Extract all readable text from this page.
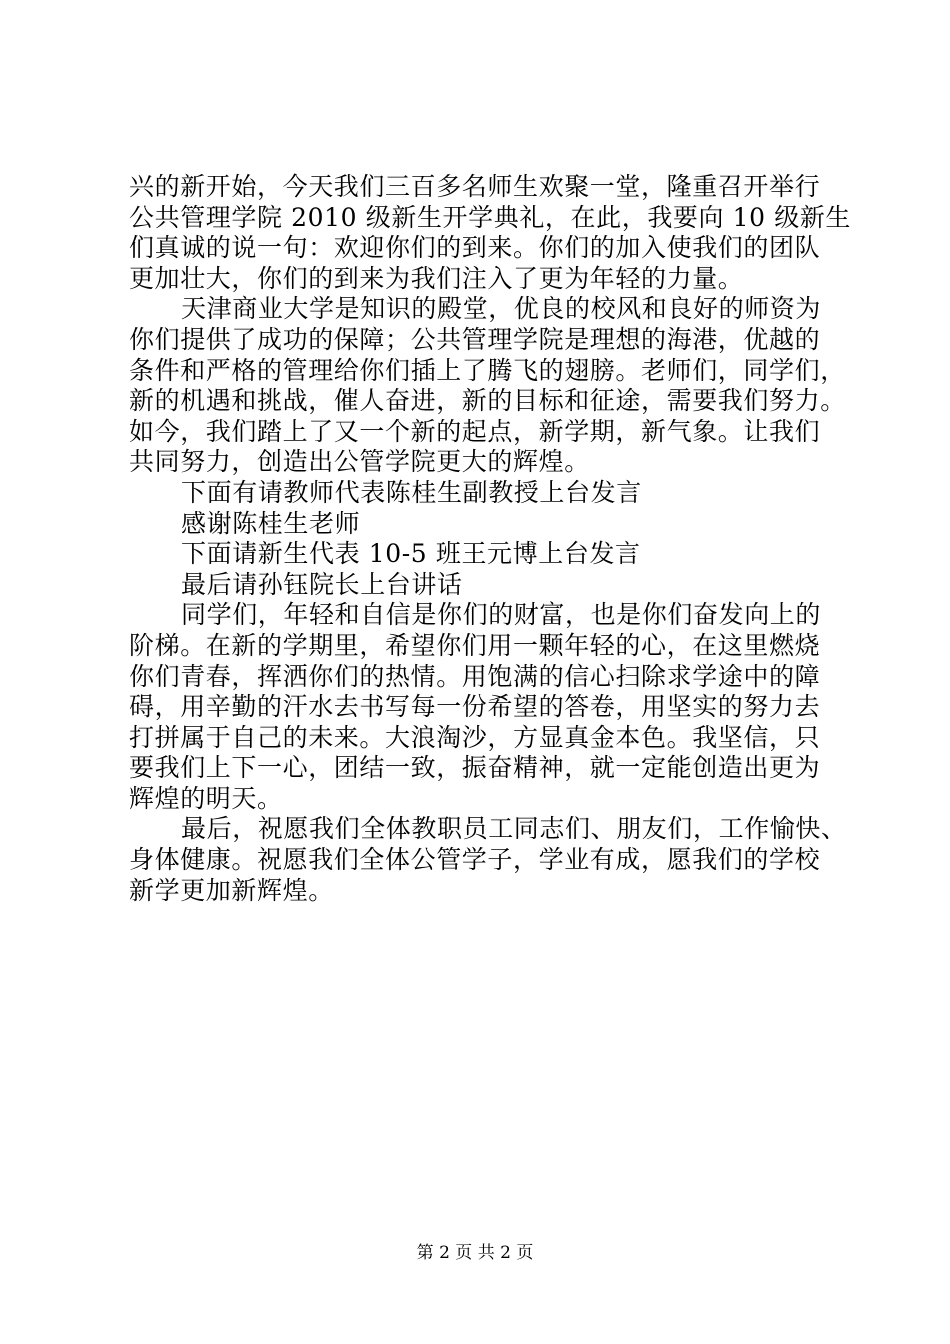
兴的新开始，今天我们三百多名师生欢聚一堂，隆重召开举行
公共管理学院 2010 级新生开学典礼，在此，我要向 10 级新生
们真诚的说一句：欢迎你们的到来。你们的加入使我们的团队
更加壮大，你们的到来为我们注入了更为年轻的力量。
天津商业大学是知识的殿堂，优良的校风和良好的师资为
你们提供了成功的保障；公共管理学院是理想的海港，优越的
条件和严格的管理给你们插上了腾飞的翅膀。老师们，同学们，
新的机遇和挑战，催人奋进，新的目标和征途，需要我们努力。
如今，我们踏上了又一个新的起点，新学期，新气象。让我们
共同努力，创造出公管学院更大的辉煌。
下面有请教师代表陈桂生副教授上台发言
感谢陈桂生老师
下面请新生代表 10-5 班王元博上台发言
最后请孙钰院长上台讲话
同学们，年轻和自信是你们的财富，也是你们奋发向上的
阶梯。在新的学期里，希望你们用一颗年轻的心，在这里燃烧
你们青春，挥洒你们的热情。用饱满的信心扫除求学途中的障
碍，用辛勤的汗水去书写每一份希望的答卷，用坚实的努力去
打拼属于自己的未来。大浪淘沙，方显真金本色。我坚信，只
要我们上下一心，团结一致，振奋精神，就一定能创造出更为
辉煌的明天。
最后，祝愿我们全体教职员工同志们、朋友们，工作愉快、
身体健康。祝愿我们全体公管学子，学业有成，愿我们的学校
新学更加新辉煌。
第 2 页 共 2 页
